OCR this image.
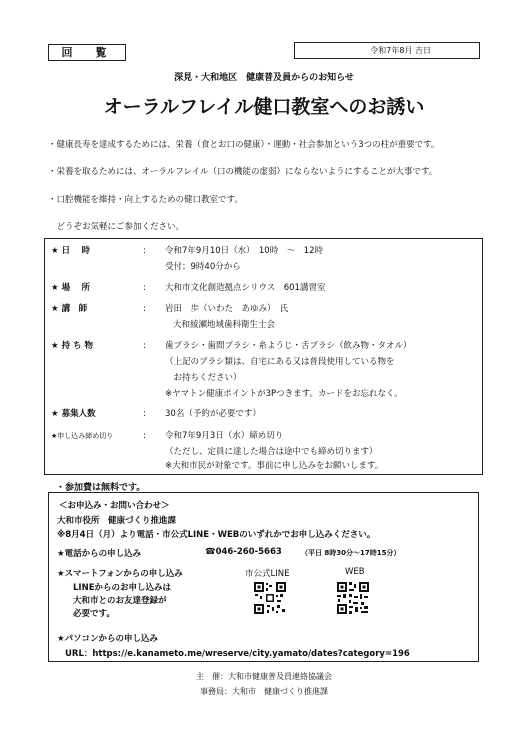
回　覧	令和7年8月 吉日
深見・大和地区　健康普及員からのお知らせ
オーラルフレイル健口教室へのお誘い
・健康長寿を達成するためには、栄養（食とお口の健康）・運動・社会参加という3つの柱が重要です。
・栄養を取るためには、オーラルフレイル（口の機能の虚弱）にならないようにすることが大事です。
・口腔機能を維持・向上するための健口教室です。
　どうぞお気軽にご参加ください。
★ 日　 時	: 令和7年9月10日（水）　10時　～　12時
受付；9時40分から
★ 場　 所	: 大和市文化創造拠点シリウス　601講習室
★ 講　師	: 岩田　歩（いわた　あゆみ）　氏
大和綾瀬地域歯科衛生士会
★ 持 ち 物	: 歯ブラシ・歯間ブラシ・糸ようじ・舌ブラシ（飲み物・タオル）
（上記のブラシ類は、自宅にある又は普段使用している物を
　お持ちください）
※ヤマトン健康ポイントが3Pつきます。カードをお忘れなく。
★ 募集人数	: 30名（予約が必要です）
★申し込み締め切り	: 令和7年9月3日（水）締め切り
（ただし、定員に達した場合は途中でも締め切ります）
※大和市民が対象です。事前に申し込みをお願いします。
・参加費は無料です。
＜お申込み・お問い合わせ＞
大和市役所　健康づくり推進課
※8月4日（月）より電話・市公式LINE・WEBのいずれかでお申し込みください。
★電話からの申し込み	☎046-260-5663	（平日 8時30分～17時15分）
★スマートフォンからの申し込み
LINEからのお申し込みは
大和市とのお友達登録が
必要です。
市公式LINE	WEB
★パソコンからの申し込み
URL：https://e.kanameto.me/wreserve/city.yamato/dates?category=196
主　催：大和市健康普及員連絡協議会
事務局：大和市　健康づくり推進課
